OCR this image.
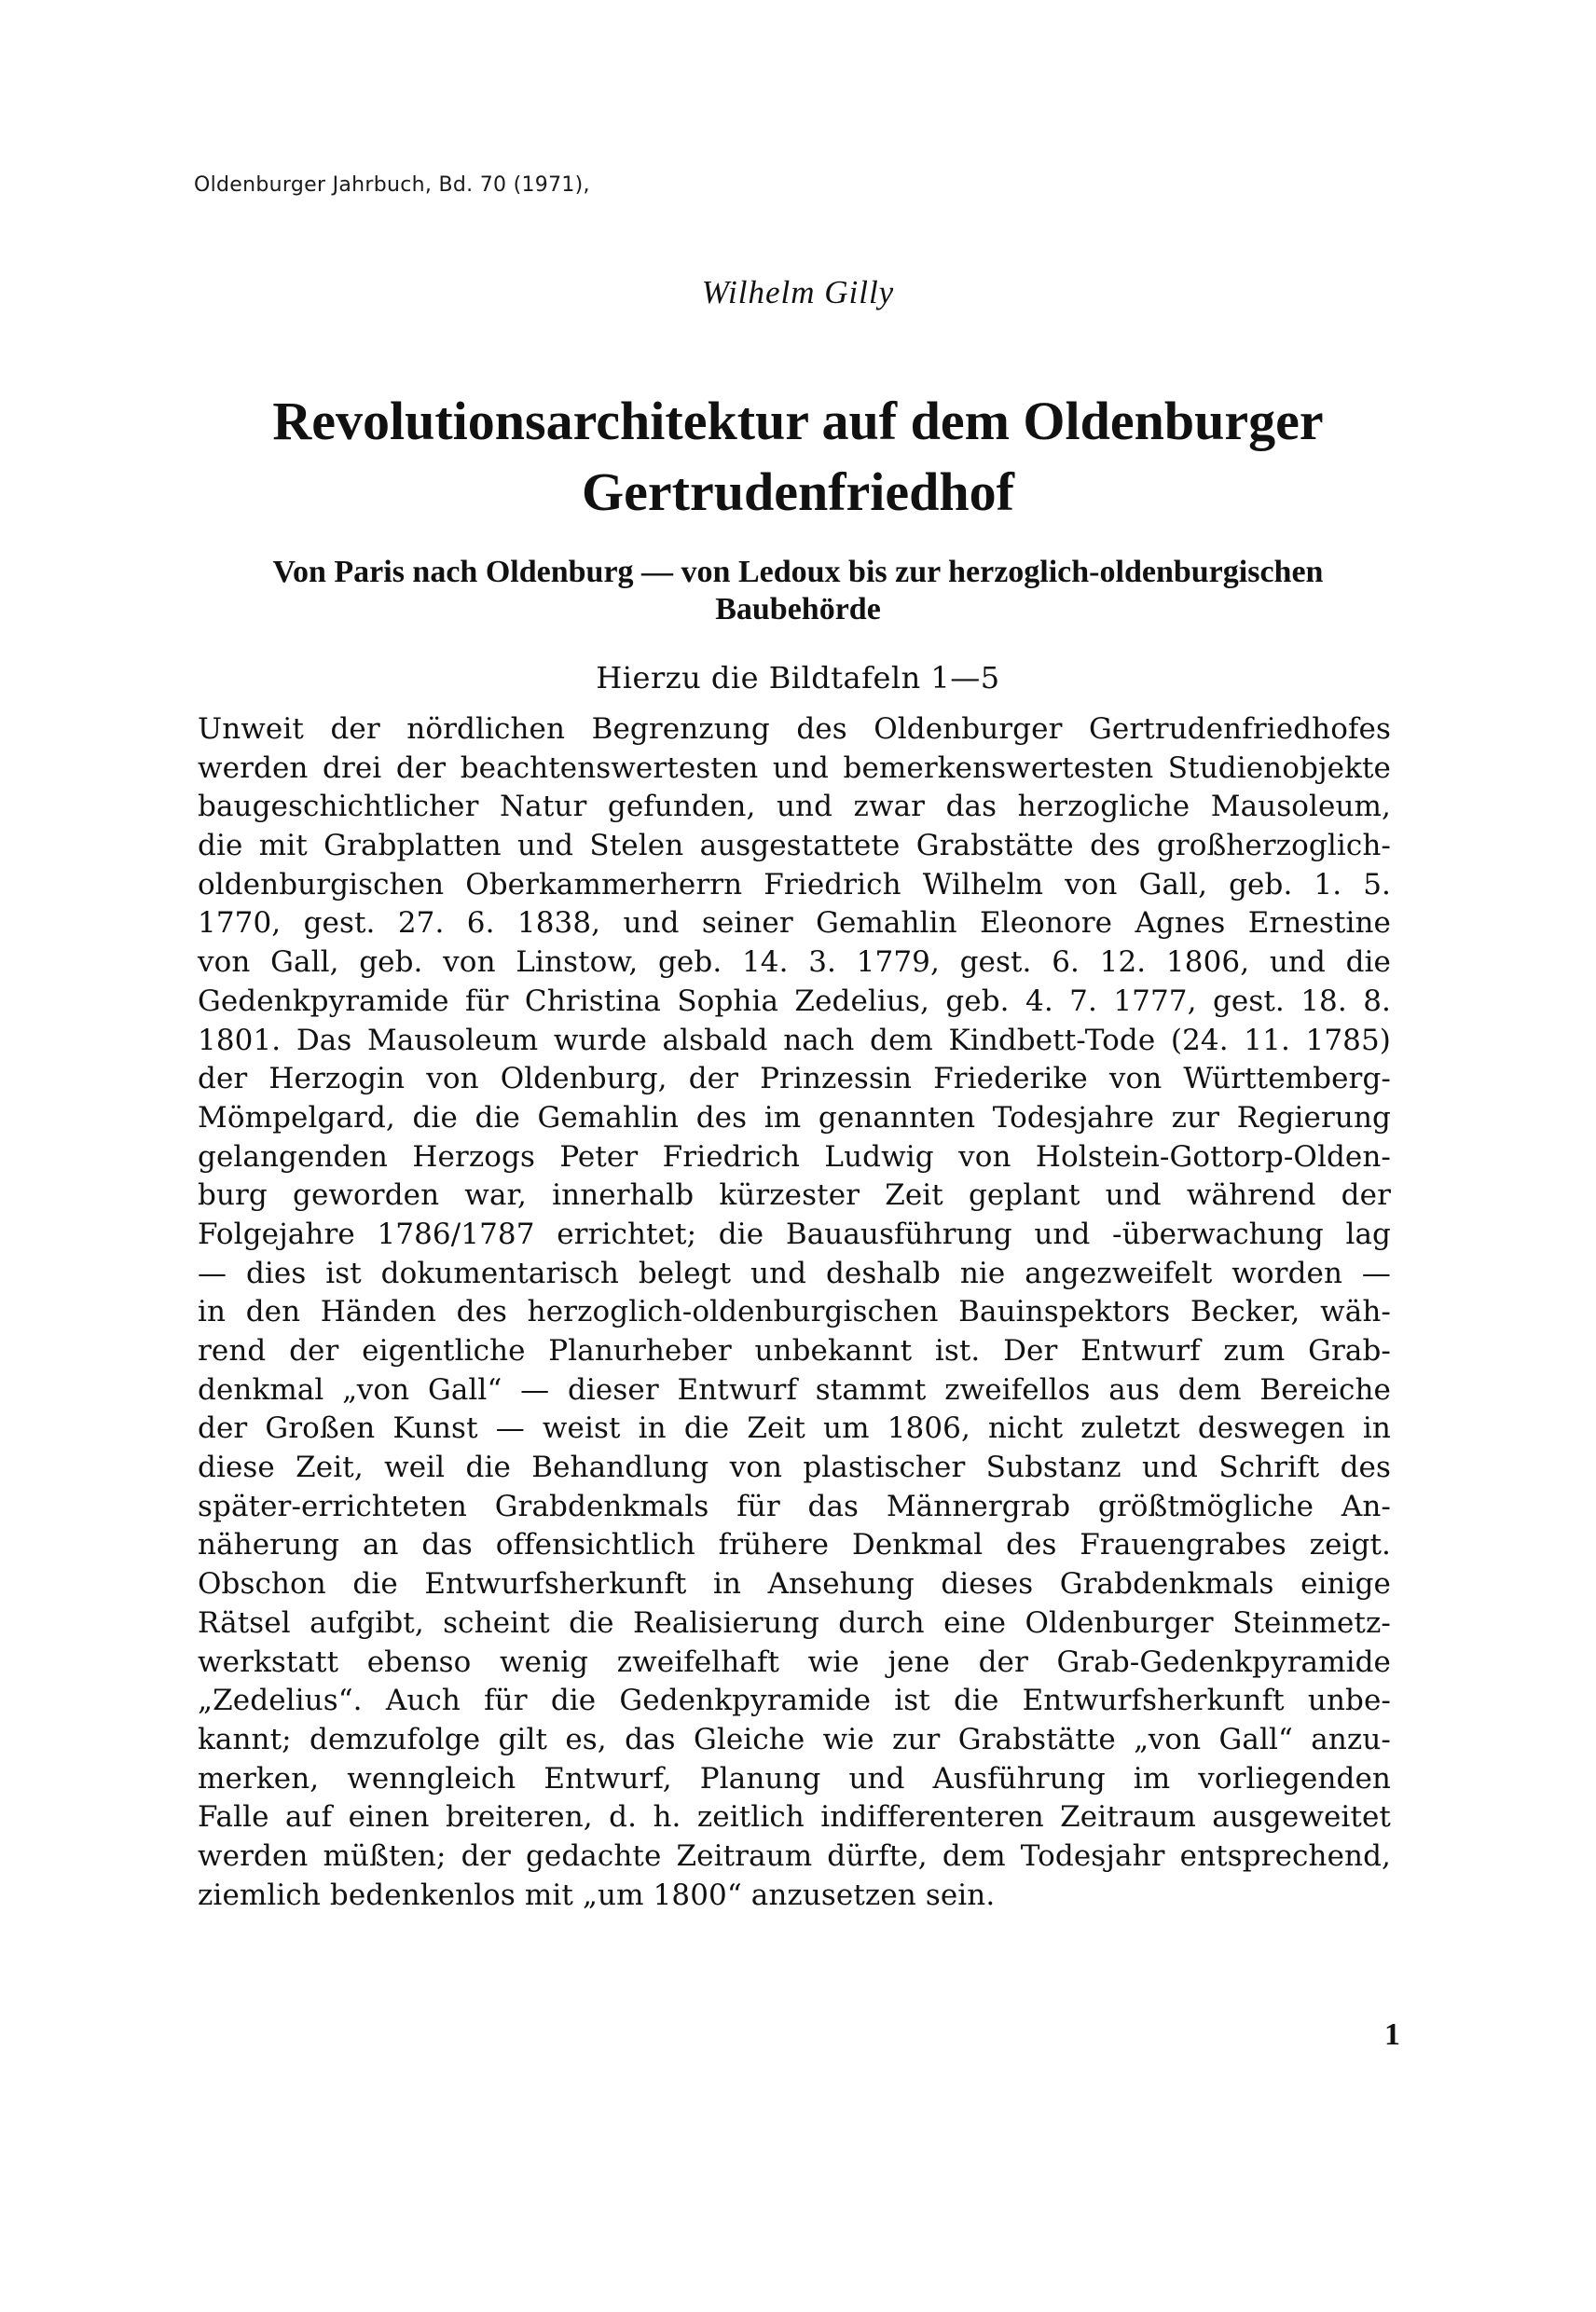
Oldenburger Jahrbuch, Bd. 70 (1971),
Wilhelm Gilly
Revolutionsarchitektur auf dem Oldenburger
Gertrudenfriedhof
Von Paris nach Oldenburg — von Ledoux bis zur herzoglich-oldenburgischen
Baubehörde
Hierzu die Bildtafeln 1—5
Unweit der nördlichen Begrenzung des Oldenburger Gertrudenfriedhofes
werden drei der beachtenswertesten und bemerkenswertesten Studienobjekte
baugeschichtlicher Natur gefunden, und zwar das herzogliche Mausoleum,
die mit Grabplatten und Stelen ausgestattete Grabstätte des großherzoglich-
oldenburgischen Oberkammerherrn Friedrich Wilhelm von Gall, geb. 1. 5.
1770, gest. 27. 6. 1838, und seiner Gemahlin Eleonore Agnes Ernestine
von Gall, geb. von Linstow, geb. 14. 3. 1779, gest. 6. 12. 1806, und die
Gedenkpyramide für Christina Sophia Zedelius, geb. 4. 7. 1777, gest. 18. 8.
1801. Das Mausoleum wurde alsbald nach dem Kindbett-Tode (24. 11. 1785)
der Herzogin von Oldenburg, der Prinzessin Friederike von Württemberg-
Mömpelgard, die die Gemahlin des im genannten Todesjahre zur Regierung
gelangenden Herzogs Peter Friedrich Ludwig von Holstein-Gottorp-Olden-
burg geworden war, innerhalb kürzester Zeit geplant und während der
Folgejahre 1786/1787 errichtet; die Bauausführung und -überwachung lag
— dies ist dokumentarisch belegt und deshalb nie angezweifelt worden —
in den Händen des herzoglich-oldenburgischen Bauinspektors Becker, wäh-
rend der eigentliche Planurheber unbekannt ist. Der Entwurf zum Grab-
denkmal „von Gall“ — dieser Entwurf stammt zweifellos aus dem Bereiche
der Großen Kunst — weist in die Zeit um 1806, nicht zuletzt deswegen in
diese Zeit, weil die Behandlung von plastischer Substanz und Schrift des
später-errichteten Grabdenkmals für das Männergrab größtmögliche An-
näherung an das offensichtlich frühere Denkmal des Frauengrabes zeigt.
Obschon die Entwurfsherkunft in Ansehung dieses Grabdenkmals einige
Rätsel aufgibt, scheint die Realisierung durch eine Oldenburger Steinmetz-
werkstatt ebenso wenig zweifelhaft wie jene der Grab-Gedenkpyramide
„Zedelius“. Auch für die Gedenkpyramide ist die Entwurfsherkunft unbe-
kannt; demzufolge gilt es, das Gleiche wie zur Grabstätte „von Gall“ anzu-
merken, wenngleich Entwurf, Planung und Ausführung im vorliegenden
Falle auf einen breiteren, d. h. zeitlich indifferenteren Zeitraum ausgeweitet
werden müßten; der gedachte Zeitraum dürfte, dem Todesjahr entsprechend,
ziemlich bedenkenlos mit „um 1800“ anzusetzen sein.
1
